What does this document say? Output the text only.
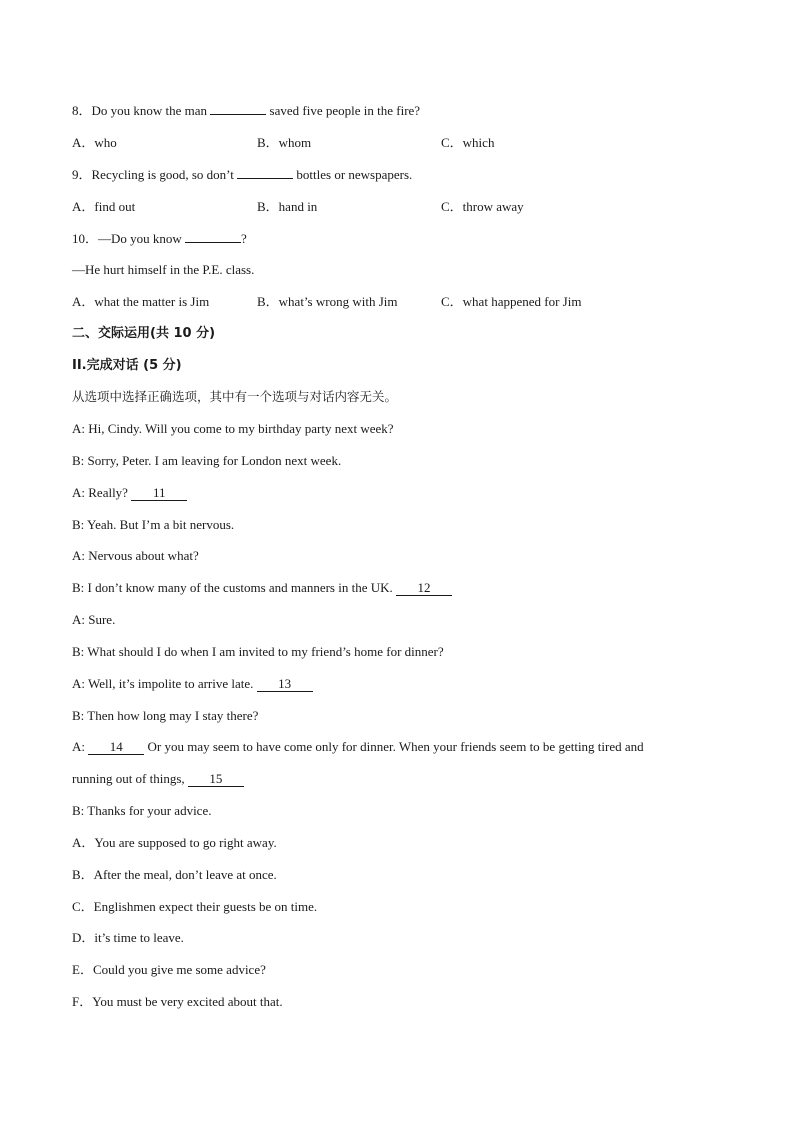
8．Do you know the man	saved five people in the fire?
A．who	B．whom	C．which
9．Recycling is good, so don’t	bottles or newspapers.
A．find out	B．hand in	C．throw away
10．—Do you know	?
—He hurt himself in the P.E. class.
A．what the matter is Jim	B．what’s wrong with Jim	C．what happened for Jim
二、交际运用(共 10 分)
II.完成对话 (5 分)
从选项中选择正确选项，其中有一个选项与对话内容无关。
A: Hi, Cindy. Will you come to my birthday party next week?
B: Sorry, Peter. I am leaving for London next week.
A: Really? 11
B: Yeah. But I’m a bit nervous.
A: Nervous about what?
B: I don’t know many of the customs and manners in the UK. 12
A: Sure.
B: What should I do when I am invited to my friend’s home for dinner?
A: Well, it’s impolite to arrive late. 13
B: Then how long may I stay there?
A: 14 Or you may seem to have come only for dinner. When your friends seem to be getting tired and
running out of things, 15
B: Thanks for your advice.
A．You are supposed to go right away.
B．After the meal, don’t leave at once.
C．Englishmen expect their guests be on time.
D．it’s time to leave.
E．Could you give me some advice?
F．You must be very excited about that.
